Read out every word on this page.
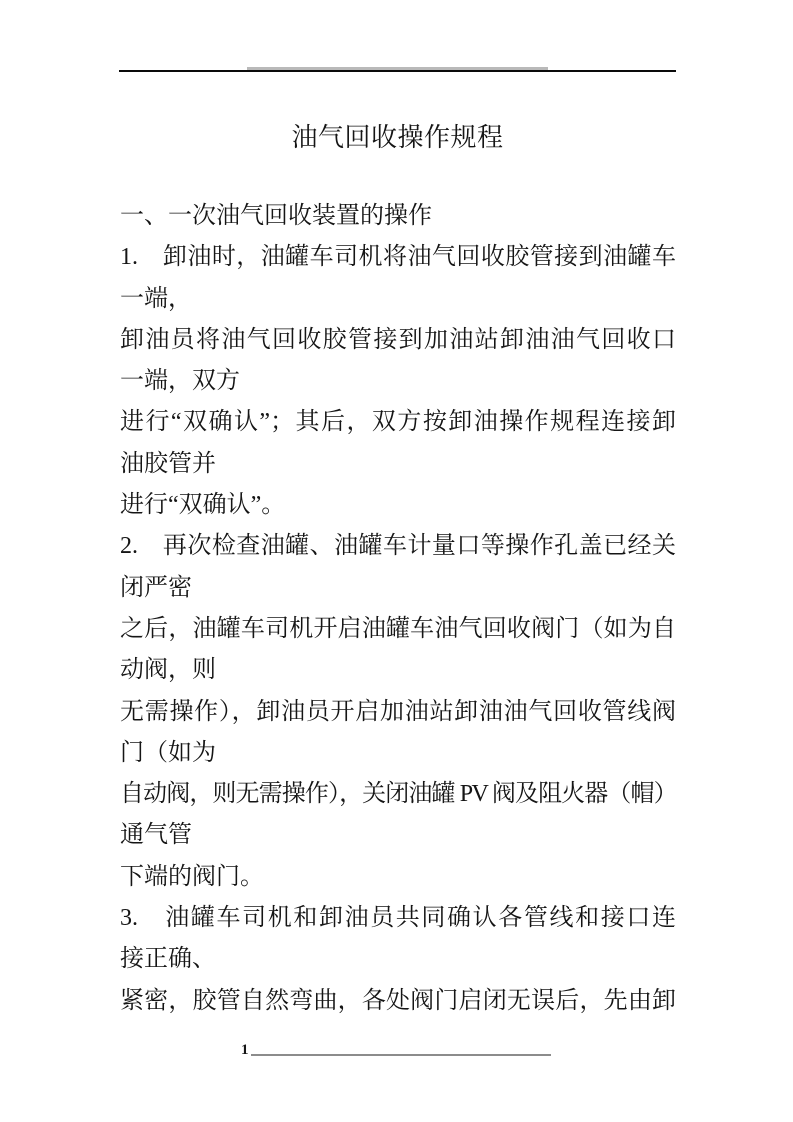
油气回收操作规程
一、一次油气回收装置的操作
1.　卸油时，油罐车司机将油气回收胶管接到油罐车
一端，
卸油员将油气回收胶管接到加油站卸油油气回收口
一端，双方
进行“双确认”；其后，双方按卸油操作规程连接卸
油胶管并
进行“双确认”。
2.　再次检查油罐、油罐车计量口等操作孔盖已经关
闭严密
之后，油罐车司机开启油罐车油气回收阀门（如为自
动阀，则
无需操作），卸油员开启加油站卸油油气回收管线阀
门（如为
自动阀，则无需操作），关闭油罐 PV 阀及阻火器（帽）
通气管
下端的阀门。
3.　油罐车司机和卸油员共同确认各管线和接口连
接正确、
紧密，胶管自然弯曲，各处阀门启闭无误后，先由卸
1
